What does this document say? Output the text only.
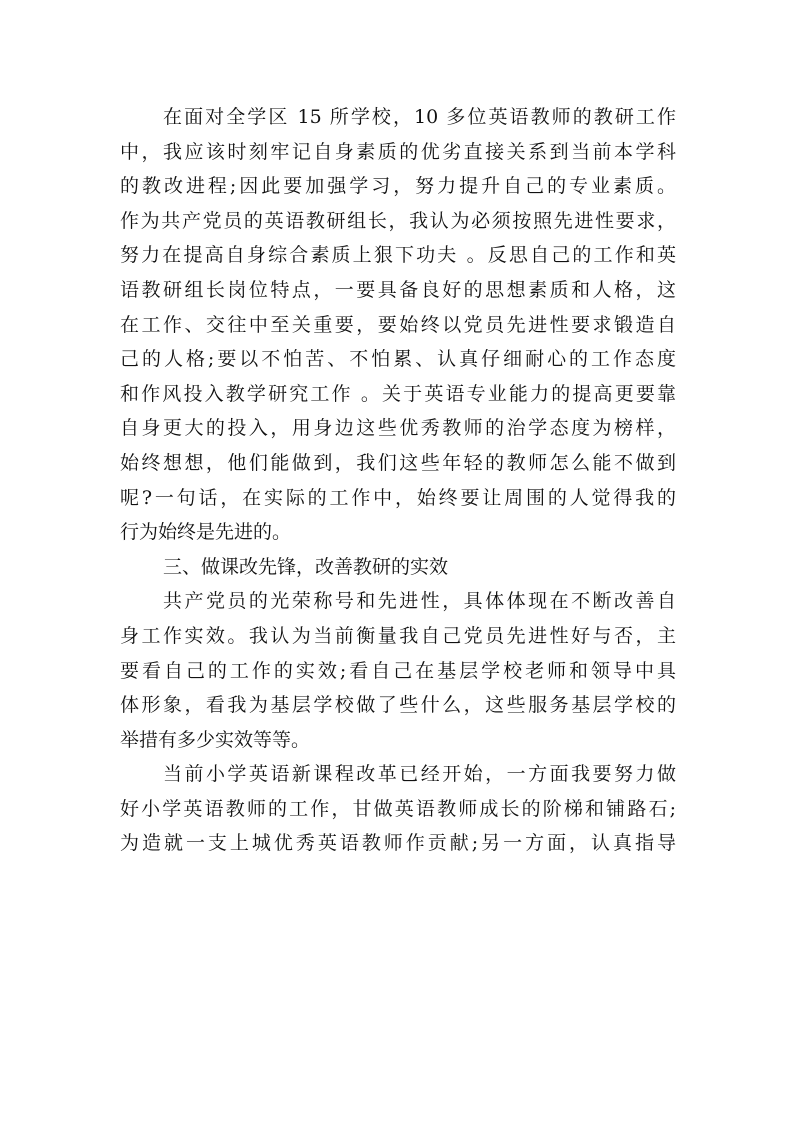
在面对全学区 15 所学校，10 多位英语教师的教研工作
中，我应该时刻牢记自身素质的优劣直接关系到当前本学科
的教改进程;因此要加强学习，努力提升自己的专业素质。
作为共产党员的英语教研组长，我认为必须按照先进性要求，
努力在提高自身综合素质上狠下功夫 。反思自己的工作和英
语教研组长岗位特点，一要具备良好的思想素质和人格，这
在工作、交往中至关重要，要始终以党员先进性要求锻造自
己的人格;要以不怕苦、不怕累、认真仔细耐心的工作态度
和作风投入教学研究工作 。关于英语专业能力的提高更要靠
自身更大的投入，用身边这些优秀教师的治学态度为榜样，
始终想想，他们能做到，我们这些年轻的教师怎么能不做到
呢?一句话，在实际的工作中，始终要让周围的人觉得我的
行为始终是先进的。
三、做课改先锋，改善教研的实效
共产党员的光荣称号和先进性，具体体现在不断改善自
身工作实效。我认为当前衡量我自己党员先进性好与否，主
要看自己的工作的实效;看自己在基层学校老师和领导中具
体形象，看我为基层学校做了些什么，这些服务基层学校的
举措有多少实效等等。
当前小学英语新课程改革已经开始，一方面我要努力做
好小学英语教师的工作，甘做英语教师成长的阶梯和铺路石;
为造就一支上城优秀英语教师作贡献;另一方面，认真指导
